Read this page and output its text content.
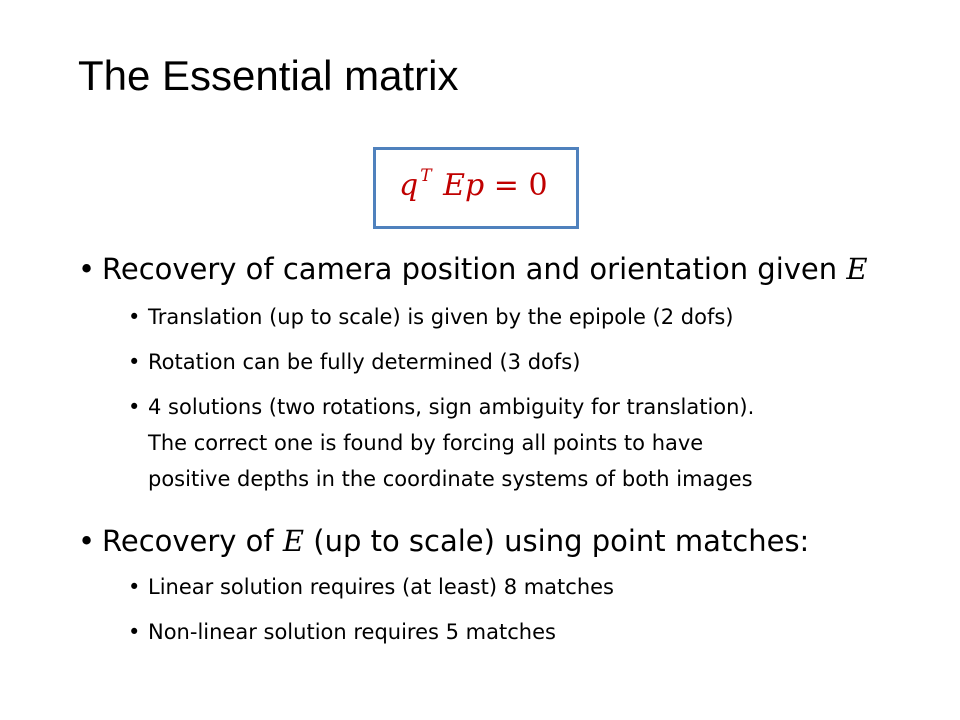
The Essential matrix
q $^T$ Ep = 0
• Recovery of camera position and orientation given E
• Translation (up to scale) is given by the epipole (2 dofs)
• Rotation can be fully determined (3 dofs)
• 4 solutions (two rotations, sign ambiguity for translation).
The correct one is found by forcing all points to have
positive depths in the coordinate systems of both images
• Recovery of E (up to scale) using point matches:
• Linear solution requires (at least) 8 matches
• Non-linear solution requires 5 matches
